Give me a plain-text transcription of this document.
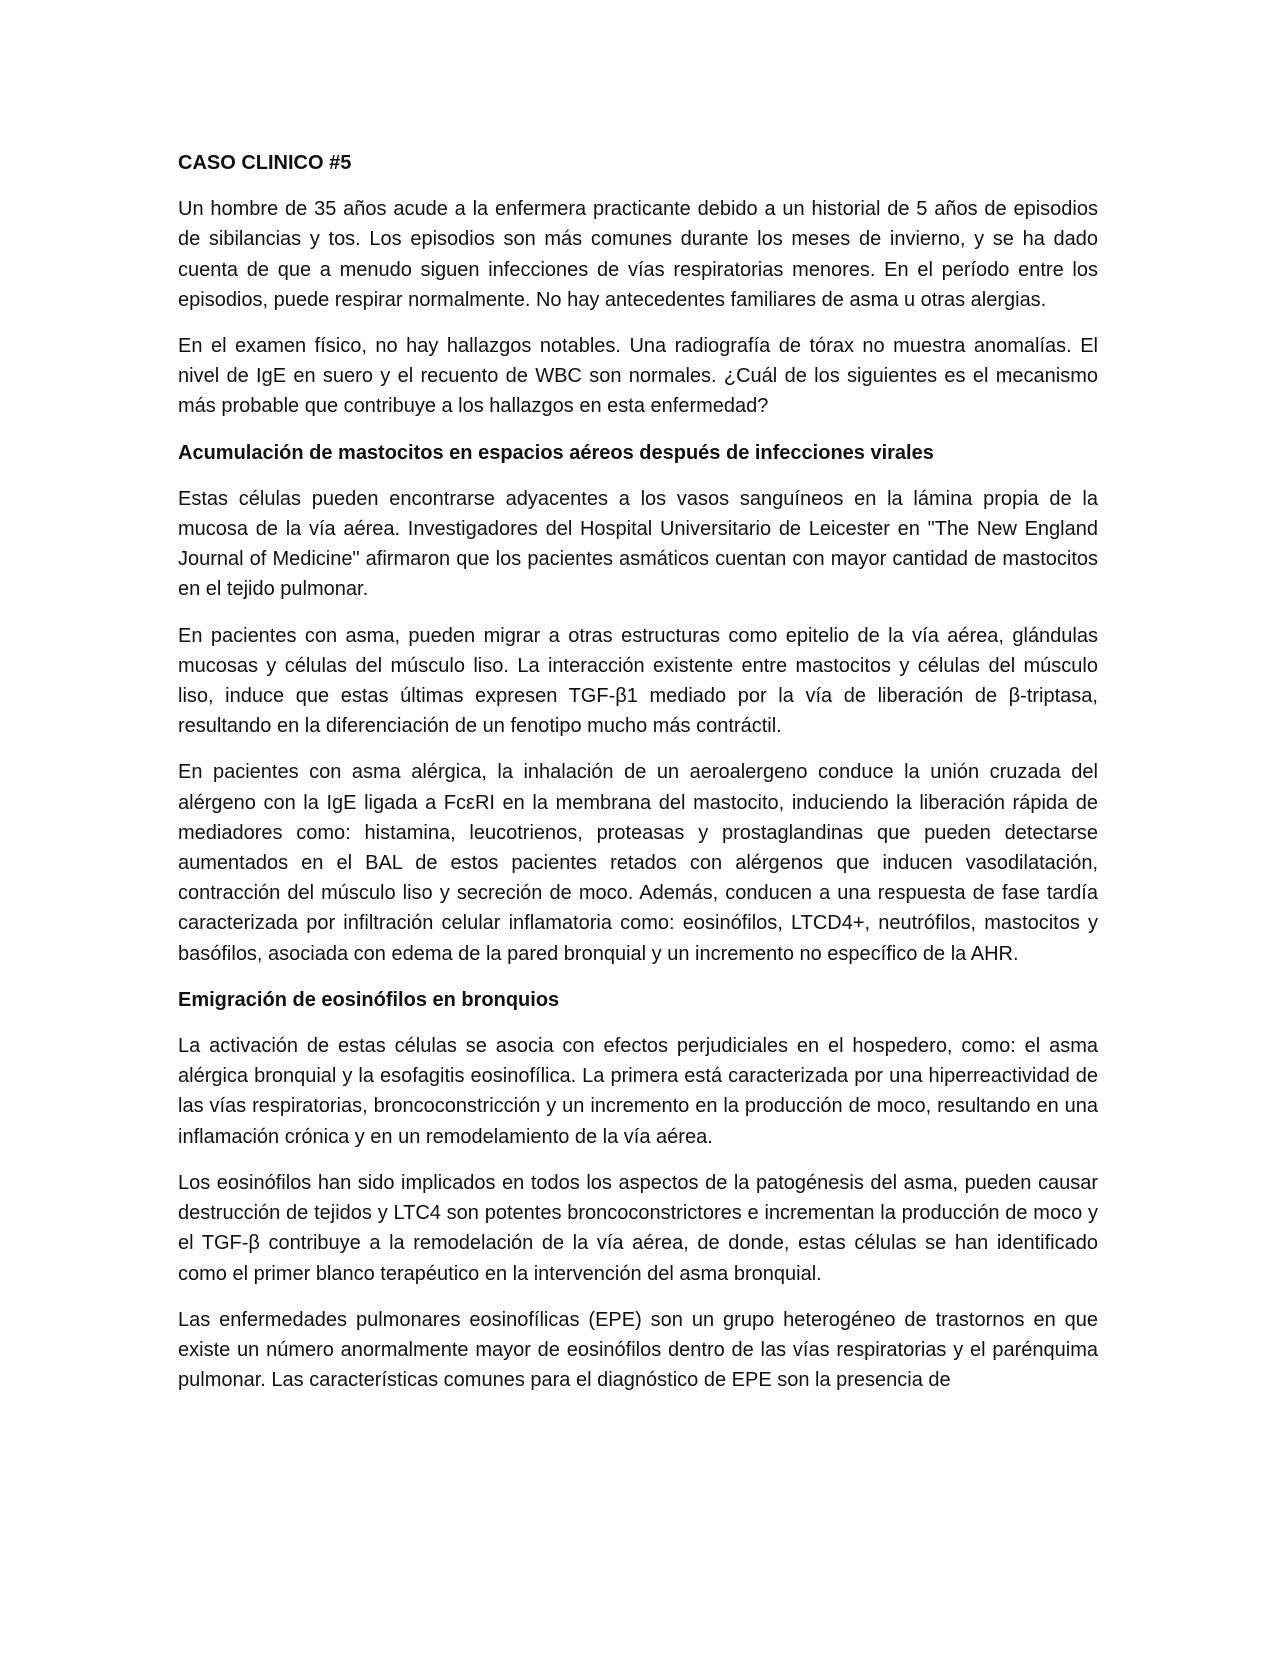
CASO CLINICO #5

Un hombre de 35 años acude a la enfermera practicante debido a un historial de 5 años de episodios de sibilancias y tos. Los episodios son más comunes durante los meses de invierno, y se ha dado cuenta de que a menudo siguen infecciones de vías respiratorias menores. En el período entre los episodios, puede respirar normalmente. No hay antecedentes familiares de asma u otras alergias.

En el examen físico, no hay hallazgos notables. Una radiografía de tórax no muestra anomalías. El nivel de IgE en suero y el recuento de WBC son normales. ¿Cuál de los siguientes es el mecanismo más probable que contribuye a los hallazgos en esta enfermedad?

Acumulación de mastocitos en espacios aéreos después de infecciones virales

Estas células pueden encontrarse adyacentes a los vasos sanguíneos en la lámina propia de la mucosa de la vía aérea. Investigadores del Hospital Universitario de Leicester en "The New England Journal of Medicine" afirmaron que los pacientes asmáticos cuentan con mayor cantidad de mastocitos en el tejido pulmonar.

En pacientes con asma, pueden migrar a otras estructuras como epitelio de la vía aérea, glándulas mucosas y células del músculo liso. La interacción existente entre mastocitos y células del músculo liso, induce que estas últimas expresen TGF-β1 mediado por la vía de liberación de β-triptasa, resultando en la diferenciación de un fenotipo mucho más contráctil.

En pacientes con asma alérgica, la inhalación de un aeroalergeno conduce la unión cruzada del alérgeno con la IgE ligada a FcεRI en la membrana del mastocito, induciendo la liberación rápida de mediadores como: histamina, leucotrienos, proteasas y prostaglandinas que pueden detectarse aumentados en el BAL de estos pacientes retados con alérgenos que inducen vasodilatación, contracción del músculo liso y secreción de moco. Además, conducen a una respuesta de fase tardía caracterizada por infiltración celular inflamatoria como: eosinófilos, LTCD4+, neutrófilos, mastocitos y basófilos, asociada con edema de la pared bronquial y un incremento no específico de la AHR.

Emigración de eosinófilos en bronquios

La activación de estas células se asocia con efectos perjudiciales en el hospedero, como: el asma alérgica bronquial y la esofagitis eosinofílica. La primera está caracterizada por una hiperreactividad de las vías respiratorias, broncoconstricción y un incremento en la producción de moco, resultando en una inflamación crónica y en un remodelamiento de la vía aérea.

Los eosinófilos han sido implicados en todos los aspectos de la patogénesis del asma, pueden causar destrucción de tejidos y LTC4 son potentes broncoconstrictores e incrementan la producción de moco y el TGF-β contribuye a la remodelación de la vía aérea, de donde, estas células se han identificado como el primer blanco terapéutico en la intervención del asma bronquial.

Las enfermedades pulmonares eosinofílicas (EPE) son un grupo heterogéneo de trastornos en que existe un número anormalmente mayor de eosinófilos dentro de las vías respiratorias y el parénquima pulmonar. Las características comunes para el diagnóstico de EPE son la presencia de
